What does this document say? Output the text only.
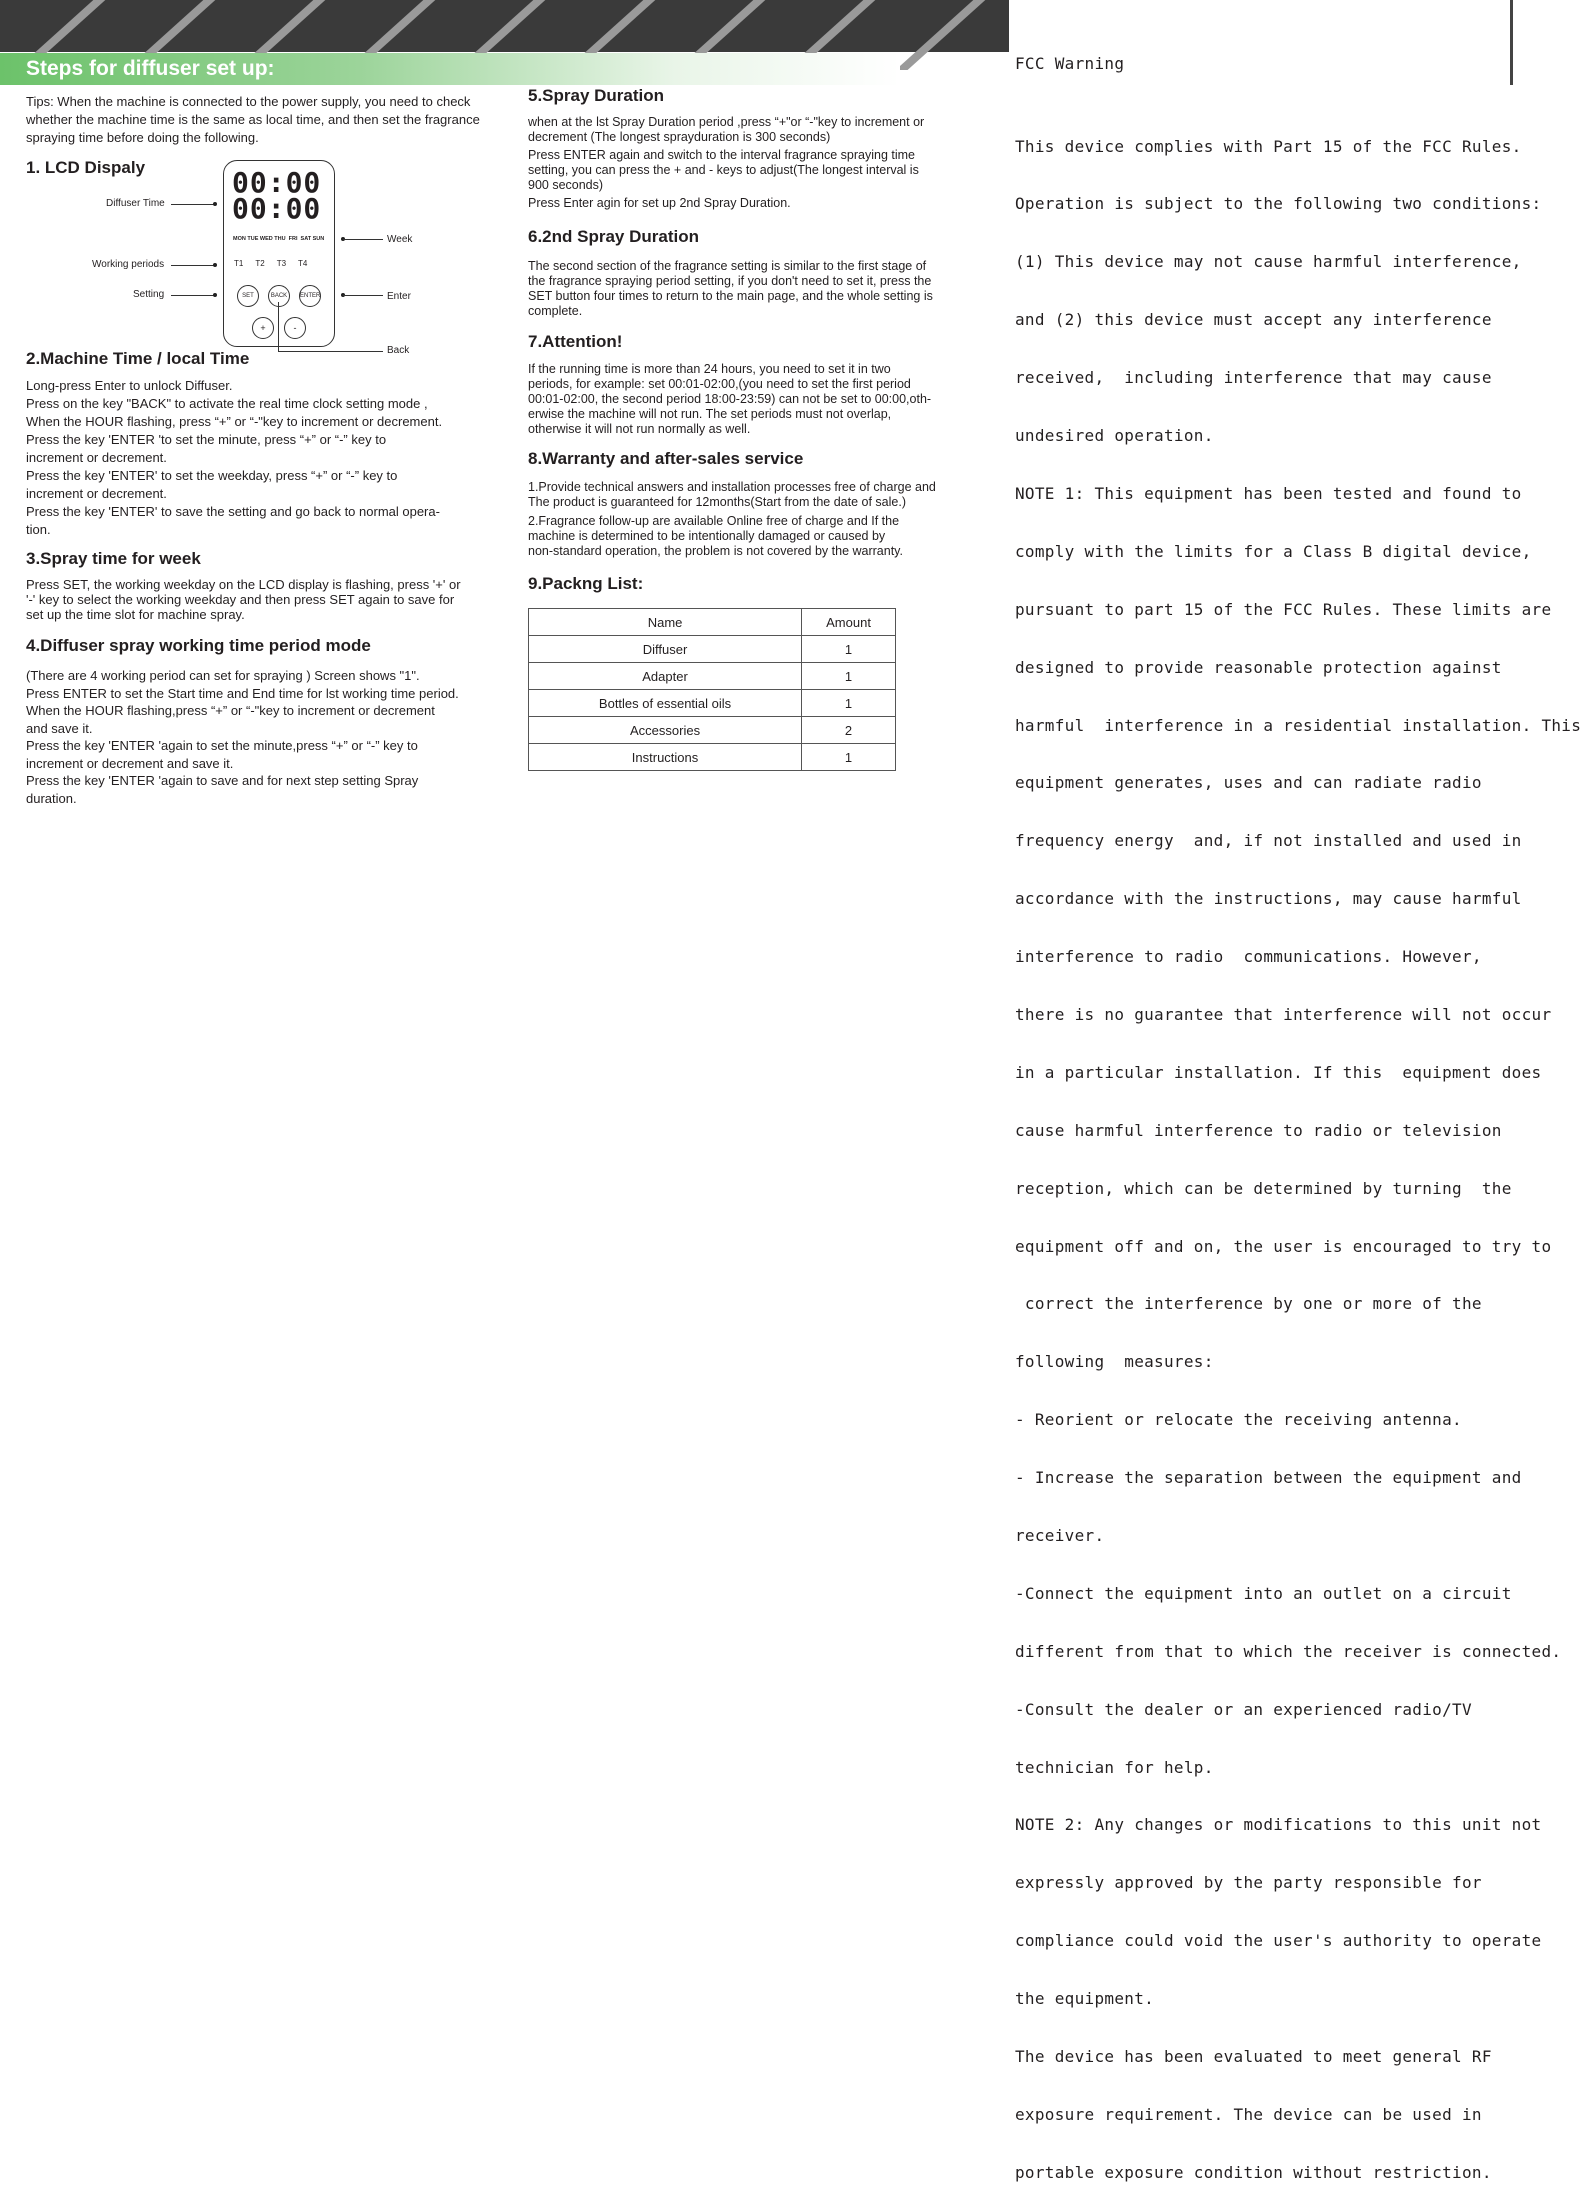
Steps for diffuser set up:

Tips: When the machine is connected to the power supply, you need to check whether the machine time is the same as local time, and then set the fragrance spraying time before doing the following.

1. LCD Dispaly	00:00
00:00
MON TUE WED THU  FRI  SAT SUN
T1 T2 T3 T4
SET	BACK	ENTER
+	-
Diffuser Time
Working periods
Setting
Week
Enter
Back
2.Machine Time / local Time
Long-press Enter to unlock Diffuser.
Press on the key "BACK" to activate the real time clock setting mode ,
When the HOUR flashing, press “+” or “-"key to increment or decrement.
Press the key 'ENTER 'to set the minute, press “+” or “-” key to
increment or decrement.
Press the key 'ENTER' to set the weekday, press “+” or “-” key to
increment or decrement.
Press the key 'ENTER' to save the setting and go back to normal opera-
tion.
3.Spray time for week
Press SET, the working weekday on the LCD display is flashing, press '+' or
'-' key to select the working weekday and then press SET again to save for
set up the time slot for machine spray.
4.Diffuser spray working time period mode
(There are 4 working period can set for spraying ) Screen shows "1".
Press ENTER to set the Start time and End time for lst working time period.
When the HOUR flashing,press “+” or “-"key to increment or decrement
and save it.
Press the key 'ENTER 'again to set the minute,press “+” or “-” key to
increment or decrement and save it.
Press the key 'ENTER 'again to save and for next step setting Spray
duration.
5.Spray Duration
when at the lst Spray Duration period ,press “+"or “-"key to increment or
decrement (The longest sprayduration is 300 seconds)
Press ENTER again and switch to the interval fragrance spraying time
setting, you can press the + and - keys to adjust(The longest interval is
900 seconds)
Press Enter agin for set up 2nd Spray Duration.
6.2nd Spray Duration
The second section of the fragrance setting is similar to the first stage of
the fragrance spraying period setting, if you don't need to set it, press the
SET button four times to return to the main page, and the whole setting is
complete.
7.Attention!
If the running time is more than 24 hours, you need to set it in two
periods, for example: set 00:01-02:00,(you need to set the first period
00:01-02:00, the second period 18:00-23:59) can not be set to 00:00,oth-
erwise the machine will not run. The set periods must not overlap,
otherwise it will not run normally as well.
8.Warranty and after-sales service
1.Provide technical answers and installation processes free of charge and
The product is guaranteed for 12months(Start from the date of sale.)
2.Fragrance follow-up are available Online free of charge and If the
machine is determined to be intentionally damaged or caused by
non-standard operation, the problem is not covered by the warranty.
9.Packng List:
Name	Amount
Diffuser	1
Adapter	1
Bottles of essential oils	1
Accessories	2
Instructions	1
FCC Warning

This device complies with Part 15 of the FCC Rules.

Operation is subject to the following two conditions:

(1) This device may not cause harmful interference,

and (2) this device must accept any interference

received,  including interference that may cause

undesired operation.

NOTE 1: This equipment has been tested and found to

comply with the limits for a Class B digital device,

pursuant to part 15 of the FCC Rules. These limits are

designed to provide reasonable protection against

harmful  interference in a residential installation. This

equipment generates, uses and can radiate radio

frequency energy  and, if not installed and used in

accordance with the instructions, may cause harmful

interference to radio  communications. However,

there is no guarantee that interference will not occur

in a particular installation. If this  equipment does

cause harmful interference to radio or television

reception, which can be determined by turning  the

equipment off and on, the user is encouraged to try to

correct the interference by one or more of the

following  measures:

- Reorient or relocate the receiving antenna.

- Increase the separation between the equipment and

receiver.

-Connect the equipment into an outlet on a circuit

different from that to which the receiver is connected.

-Consult the dealer or an experienced radio/TV

technician for help.

NOTE 2: Any changes or modifications to this unit not

expressly approved by the party responsible for

compliance could void the user's authority to operate

the equipment.

The device has been evaluated to meet general RF

exposure requirement. The device can be used in

portable exposure condition without restriction.
